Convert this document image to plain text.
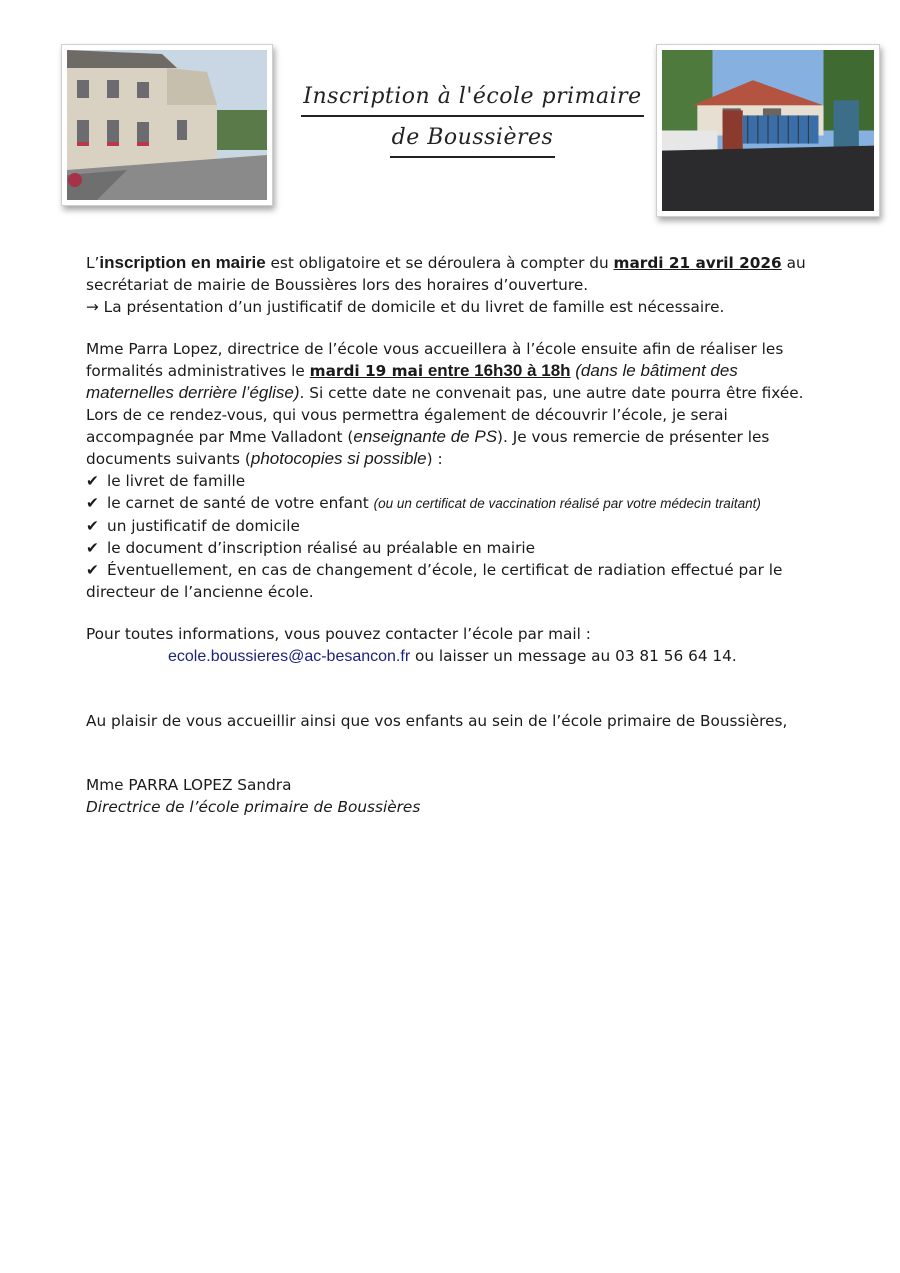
Inscription à l'école primaire
de Boussières

L’inscription en mairie est obligatoire et se déroulera à compter du mardi 21 avril 2026 au secrétariat de mairie de Boussières lors des horaires d’ouverture.

→ La présentation d’un justificatif de domicile et du livret de famille est nécessaire.

Mme Parra Lopez, directrice de l’école vous accueillera à l’école ensuite afin de réaliser les formalités administratives le mardi 19 mai entre 16h30 à 18h (dans le bâtiment des maternelles derrière l’église). Si cette date ne convenait pas, une autre date pourra être fixée. Lors de ce rendez-vous, qui vous permettra également de découvrir l’école, je serai accompagnée par Mme Valladont (enseignante de PS). Je vous remercie de présenter les documents suivants (photocopies si possible) :

✔ le livret de famille

✔ le carnet de santé de votre enfant (ou un certificat de vaccination réalisé par votre médecin traitant)

✔ un justificatif de domicile

✔ le document d’inscription réalisé au préalable en mairie

✔ Éventuellement, en cas de changement d’école, le certificat de radiation effectué par le directeur de l’ancienne école.

Pour toutes informations, vous pouvez contacter l’école par mail :

ecole.boussieres@ac-besancon.fr ou laisser un message au 03 81 56 64 14.

Au plaisir de vous accueillir ainsi que vos enfants au sein de l’école primaire de Boussières,

Mme PARRA LOPEZ Sandra

Directrice de l’école primaire de Boussières
